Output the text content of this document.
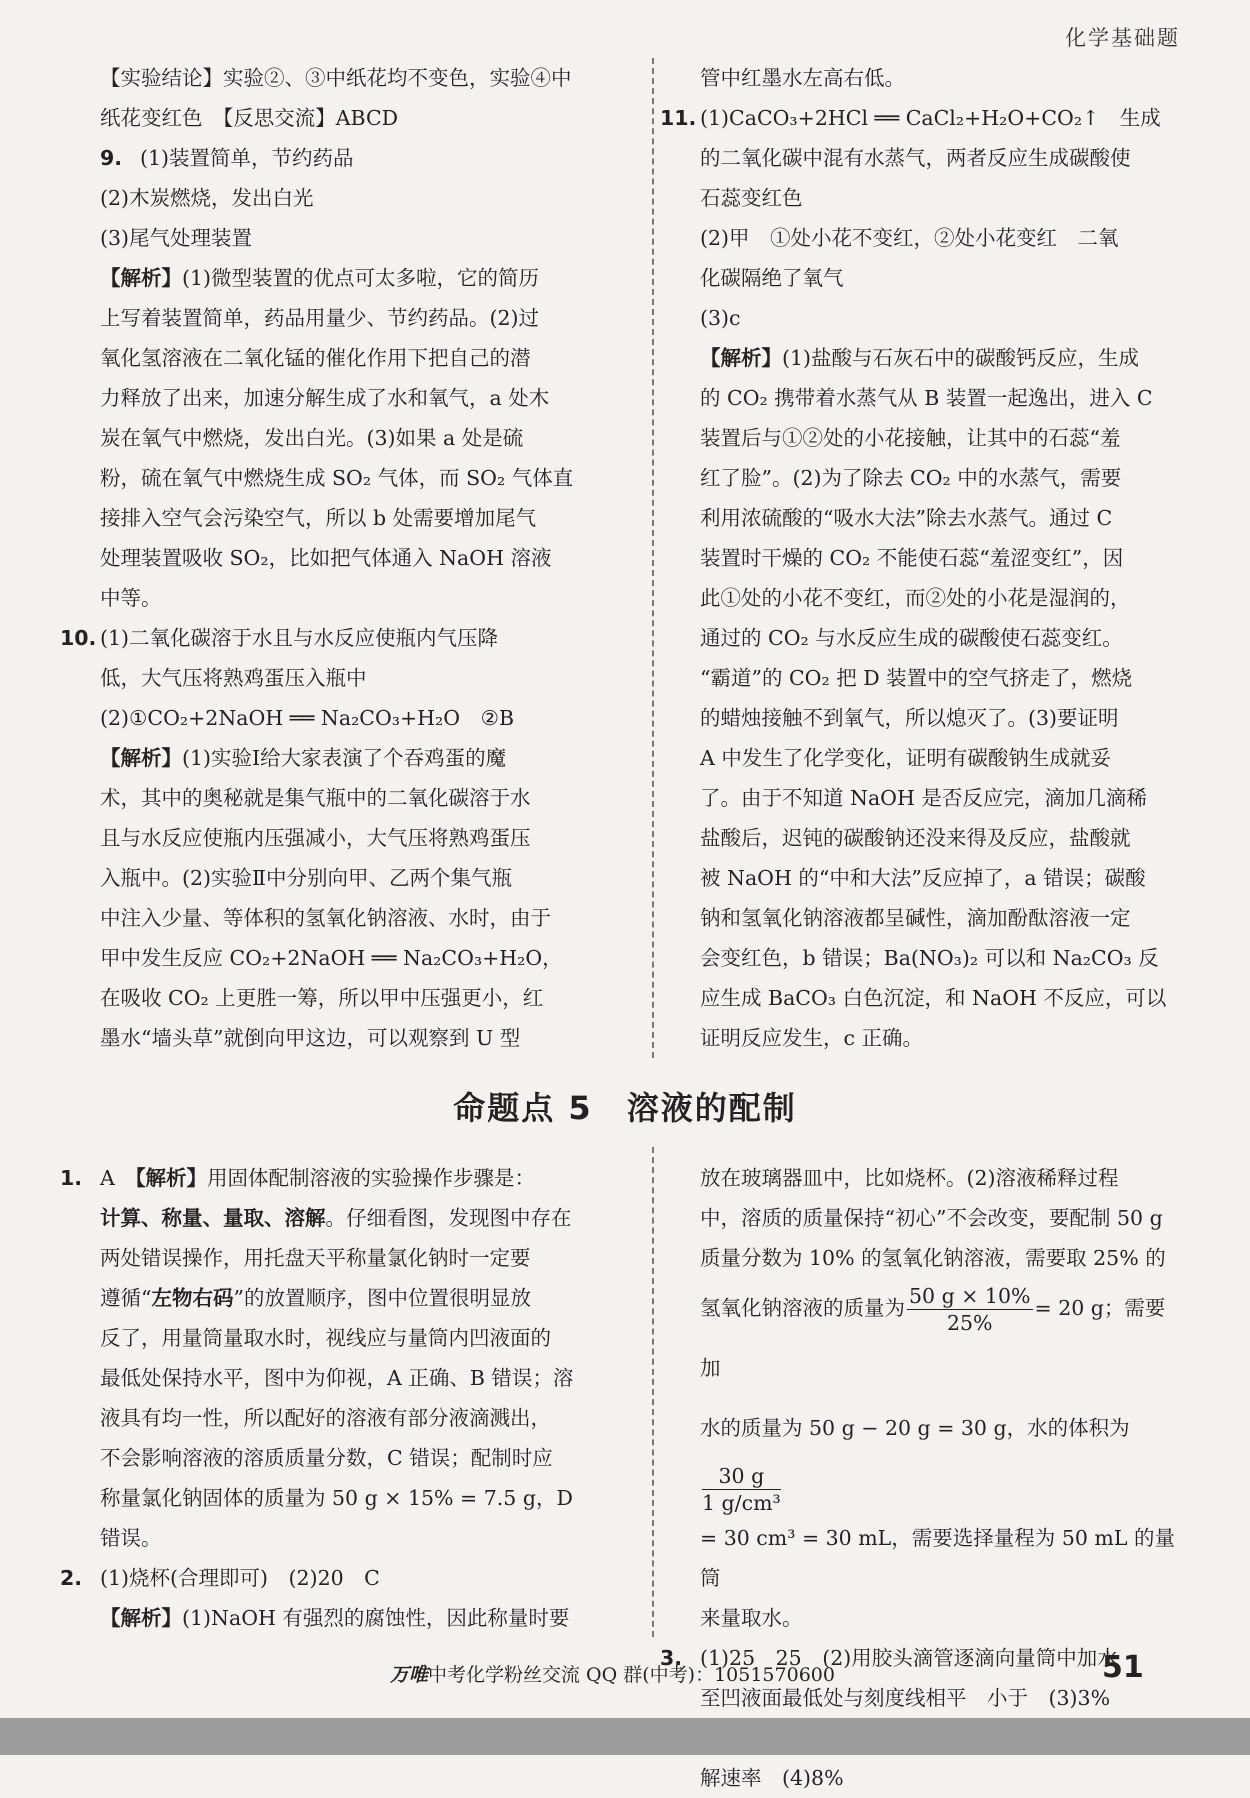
化学基础题

【实验结论】实验②、③中纸花均不变色，实验④中

纸花变红色　【反思交流】ABCD

9. (1)装置简单，节约药品

(2)木炭燃烧，发出白光

(3)尾气处理装置

【解析】(1)微型装置的优点可太多啦，它的简历

上写着装置简单，药品用量少、节约药品。(2)过

氧化氢溶液在二氧化锰的催化作用下把自己的潜

力释放了出来，加速分解生成了水和氧气，a 处木

炭在氧气中燃烧，发出白光。(3)如果 a 处是硫

粉，硫在氧气中燃烧生成 SO₂ 气体，而 SO₂ 气体直

接排入空气会污染空气，所以 b 处需要增加尾气

处理装置吸收 SO₂，比如把气体通入 NaOH 溶液

中等。

10. (1)二氧化碳溶于水且与水反应使瓶内气压降

低，大气压将熟鸡蛋压入瓶中

(2)①CO₂+2NaOH ══ Na₂CO₃+H₂O　②B

【解析】(1)实验Ⅰ给大家表演了个吞鸡蛋的魔

术，其中的奥秘就是集气瓶中的二氧化碳溶于水

且与水反应使瓶内压强减小，大气压将熟鸡蛋压

入瓶中。(2)实验Ⅱ中分别向甲、乙两个集气瓶

中注入少量、等体积的氢氧化钠溶液、水时，由于

甲中发生反应 CO₂+2NaOH ══ Na₂CO₃+H₂O，

在吸收 CO₂ 上更胜一筹，所以甲中压强更小，红

墨水“墙头草”就倒向甲这边，可以观察到 U 型

管中红墨水左高右低。

11. (1)CaCO₃+2HCl ══ CaCl₂+H₂O+CO₂↑　生成

的二氧化碳中混有水蒸气，两者反应生成碳酸使

石蕊变红色

(2)甲　①处小花不变红，②处小花变红　二氧

化碳隔绝了氧气

(3)c

【解析】(1)盐酸与石灰石中的碳酸钙反应，生成

的 CO₂ 携带着水蒸气从 B 装置一起逸出，进入 C

装置后与①②处的小花接触，让其中的石蕊“羞

红了脸”。(2)为了除去 CO₂ 中的水蒸气，需要

利用浓硫酸的“吸水大法”除去水蒸气。通过 C

装置时干燥的 CO₂ 不能使石蕊“羞涩变红”，因

此①处的小花不变红，而②处的小花是湿润的，

通过的 CO₂ 与水反应生成的碳酸使石蕊变红。

“霸道”的 CO₂ 把 D 装置中的空气挤走了，燃烧

的蜡烛接触不到氧气，所以熄灭了。(3)要证明

A 中发生了化学变化，证明有碳酸钠生成就妥

了。由于不知道 NaOH 是否反应完，滴加几滴稀

盐酸后，迟钝的碳酸钠还没来得及反应，盐酸就

被 NaOH 的“中和大法”反应掉了，a 错误；碳酸

钠和氢氧化钠溶液都呈碱性，滴加酚酞溶液一定

会变红色，b 错误；Ba(NO₃)₂ 可以和 Na₂CO₃ 反

应生成 BaCO₃ 白色沉淀，和 NaOH 不反应，可以

证明反应发生，c 正确。

命题点 5　溶液的配制

1. A　【解析】用固体配制溶液的实验操作步骤是：

计算、称量、量取、溶解。仔细看图，发现图中存在

两处错误操作，用托盘天平称量氯化钠时一定要

遵循“左物右码”的放置顺序，图中位置很明显放

反了，用量筒量取水时，视线应与量筒内凹液面的

最低处保持水平，图中为仰视，A 正确、B 错误；溶

液具有均一性，所以配好的溶液有部分液滴溅出，

不会影响溶液的溶质质量分数，C 错误；配制时应

称量氯化钠固体的质量为 50 g × 15% = 7.5 g，D

错误。

2. (1)烧杯(合理即可)　(2)20　C

【解析】(1)NaOH 有强烈的腐蚀性，因此称量时要

放在玻璃器皿中，比如烧杯。(2)溶液稀释过程

中，溶质的质量保持“初心”不会改变，要配制 50 g

质量分数为 10% 的氢氧化钠溶液，需要取 25% 的

氢氧化钠溶液的质量为 $\frac{50 g \times 10\%}{25\%} = 20$ g；需要加

水的质量为 50 g − 20 g = 30 g，水的体积为
$\frac{30 g}{\text{1 g/cm³}}$

= 30 cm³ = 30 mL，需要选择量程为 50 mL 的量筒

来量取水。

3. (1)25　25　(2)用胶头滴管逐滴向量筒中加水

至凹液面最低处与刻度线相平　小于　(3)3%

解速率　(4)8%

万唯中考化学粉丝交流 QQ 群(中考)：1051570600	51
